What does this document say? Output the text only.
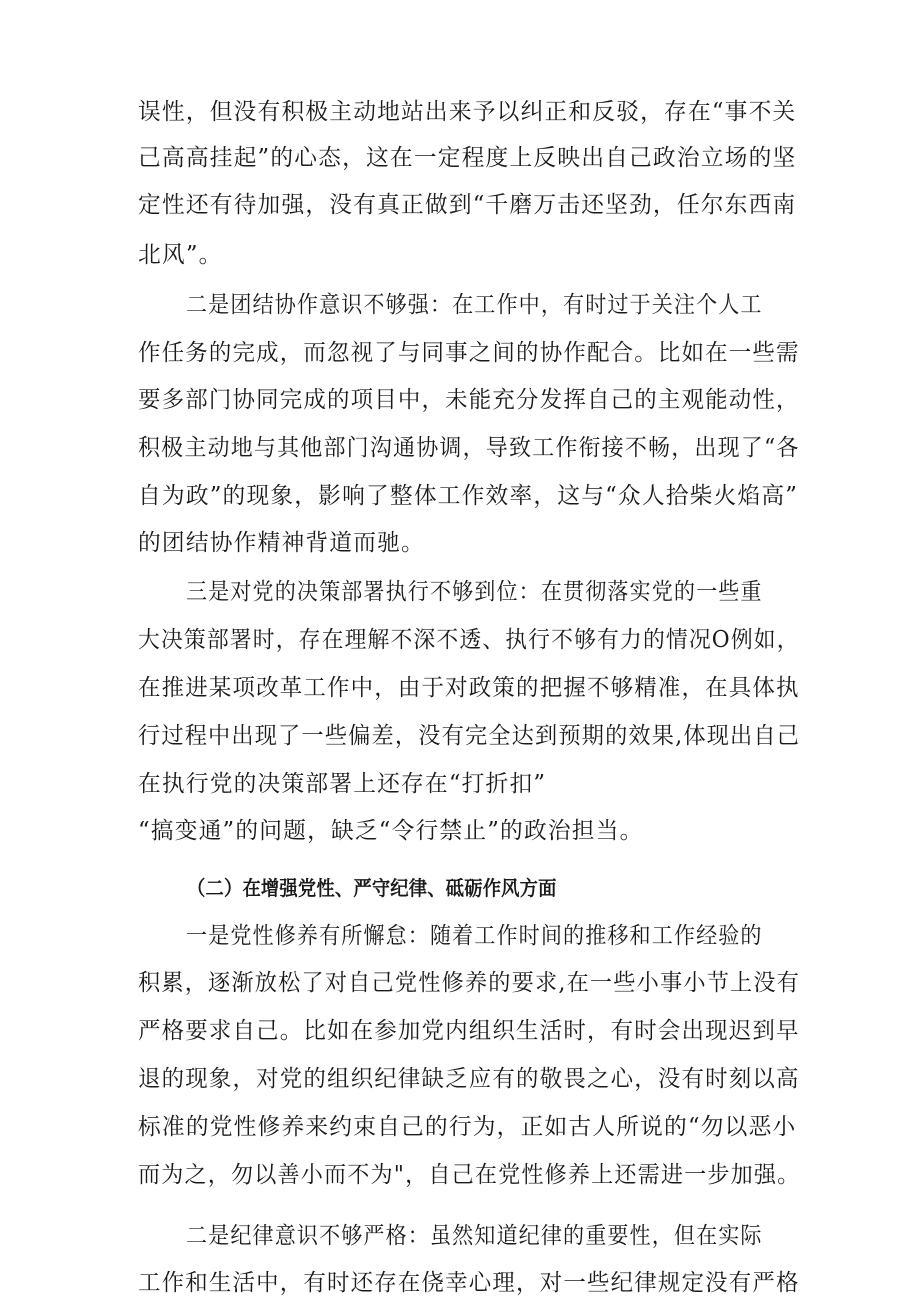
误性，但没有积极主动地站出来予以纠正和反驳，存在“事不关
己高高挂起”的心态，这在一定程度上反映出自己政治立场的坚
定性还有待加强，没有真正做到“千磨万击还坚劲，任尔东西南
北风”。
二是团结协作意识不够强：在工作中，有时过于关注个人工
作任务的完成，而忽视了与同事之间的协作配合。比如在一些需
要多部门协同完成的项目中，未能充分发挥自己的主观能动性，
积极主动地与其他部门沟通协调，导致工作衔接不畅，出现了“各
自为政”的现象，影响了整体工作效率，这与“众人拾柴火焰高”
的团结协作精神背道而驰。
三是对党的决策部署执行不够到位：在贯彻落实党的一些重
大决策部署时，存在理解不深不透、执行不够有力的情况O例如，
在推进某项改革工作中，由于对政策的把握不够精准，在具体执
行过程中出现了一些偏差，没有完全达到预期的效果,体现出自己
在执行党的决策部署上还存在“打折扣”
“搞变通”的问题，缺乏“令行禁止”的政治担当。
（二）在增强党性、严守纪律、砥砺作风方面
一是党性修养有所懈怠：随着工作时间的推移和工作经验的
积累，逐渐放松了对自己党性修养的要求,在一些小事小节上没有
严格要求自己。比如在参加党内组织生活时，有时会出现迟到早
退的现象，对党的组织纪律缺乏应有的敬畏之心，没有时刻以高
标准的党性修养来约束自己的行为，正如古人所说的“勿以恶小
而为之，勿以善小而不为"，自己在党性修养上还需进一步加强。
二是纪律意识不够严格：虽然知道纪律的重要性，但在实际
工作和生活中，有时还存在侥幸心理，对一些纪律规定没有严格
